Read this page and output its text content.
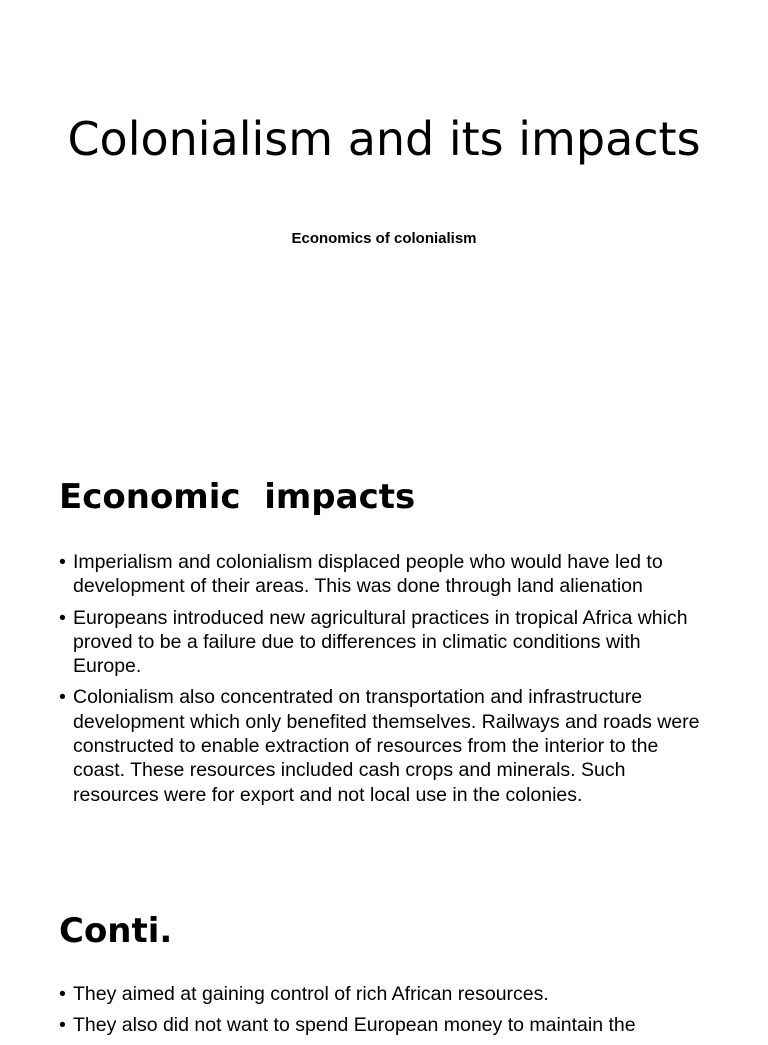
Colonialism and its impacts
Economics of colonialism
Economic  impacts
• Imperialism and colonialism displaced people who would have led to development of their areas. This was done through land alienation
• Europeans introduced new agricultural practices in tropical Africa which proved to be a failure due to differences in climatic conditions with Europe.
• Colonialism also concentrated on transportation and infrastructure development which only benefited themselves. Railways and roads were constructed to enable extraction of resources from the interior to the coast. These resources included cash crops and minerals. Such resources were for export and not local use in the colonies.
Conti.
• They aimed at gaining control of rich African resources.
• They also did not want to spend European money to maintain the
